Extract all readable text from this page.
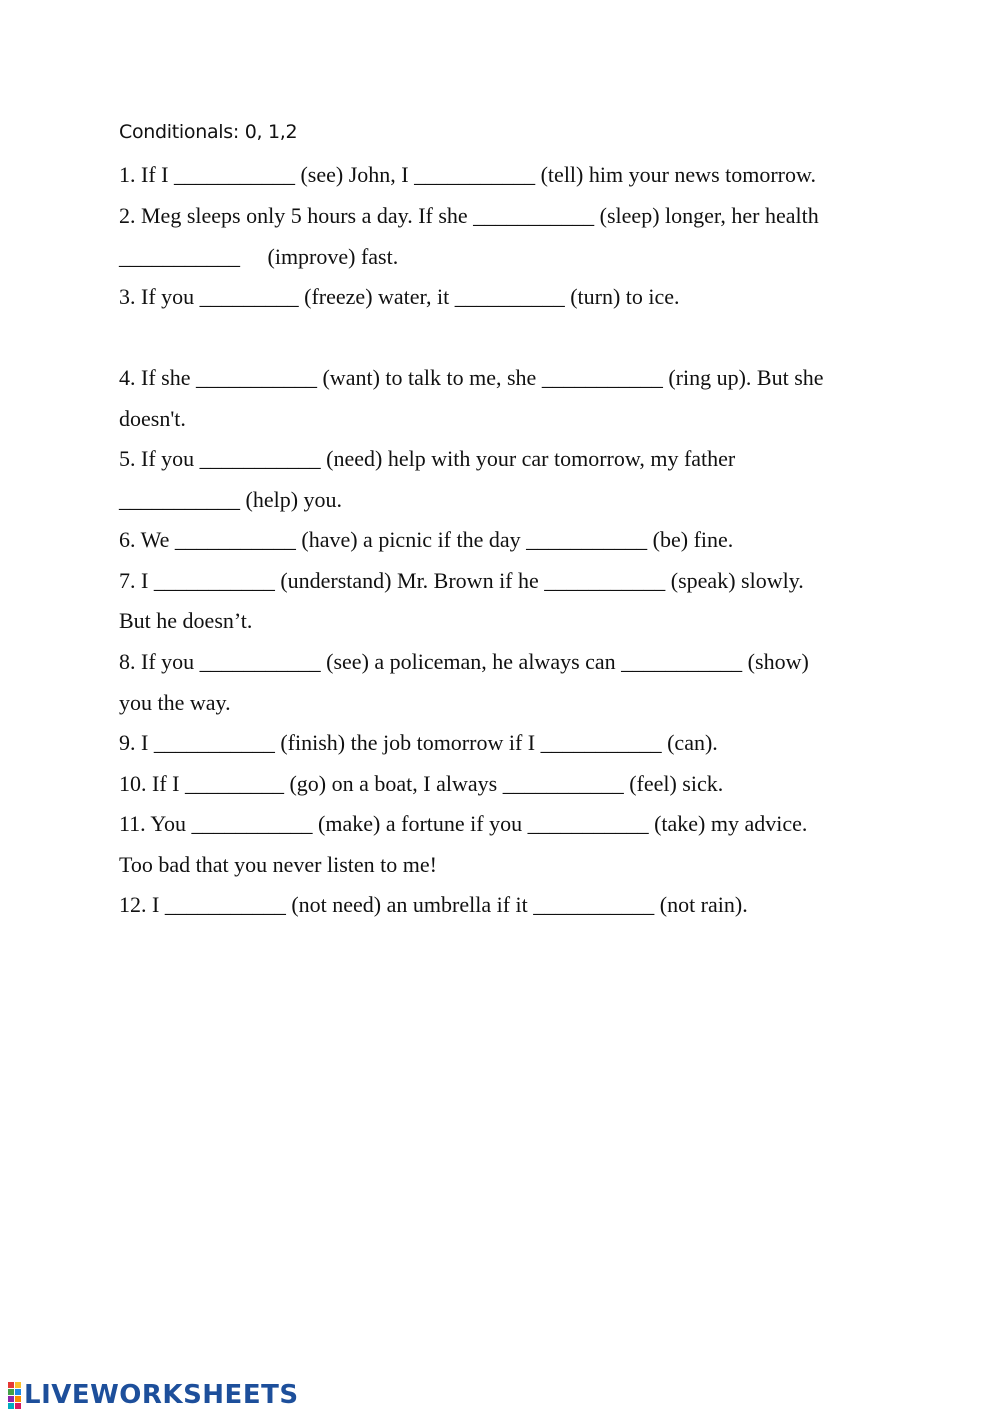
Conditionals: 0, 1,2
1. If I ___________ (see) John, I ___________ (tell) him your news tomorrow.
2. Meg sleeps only 5 hours a day. If she ___________ (sleep) longer, her health
___________     (improve) fast.
3. If you _________ (freeze) water, it __________ (turn) to ice.
4. If she ___________ (want) to talk to me, she ___________ (ring up). But she
doesn't.
5. If you ___________ (need) help with your car tomorrow, my father
___________ (help) you.
6. We ___________ (have) a picnic if the day ___________ (be) fine.
7. I ___________ (understand) Mr. Brown if he ___________ (speak) slowly.
But he doesn’t.
8. If you ___________ (see) a policeman, he always can ___________ (show)
you the way.
9. I ___________ (finish) the job tomorrow if I ___________ (can).
10. If I _________ (go) on a boat, I always ___________ (feel) sick.
11. You ___________ (make) a fortune if you ___________ (take) my advice.
Too bad that you never listen to me!
12. I ___________ (not need) an umbrella if it ___________ (not rain).
LIVEWORKSHEETS
